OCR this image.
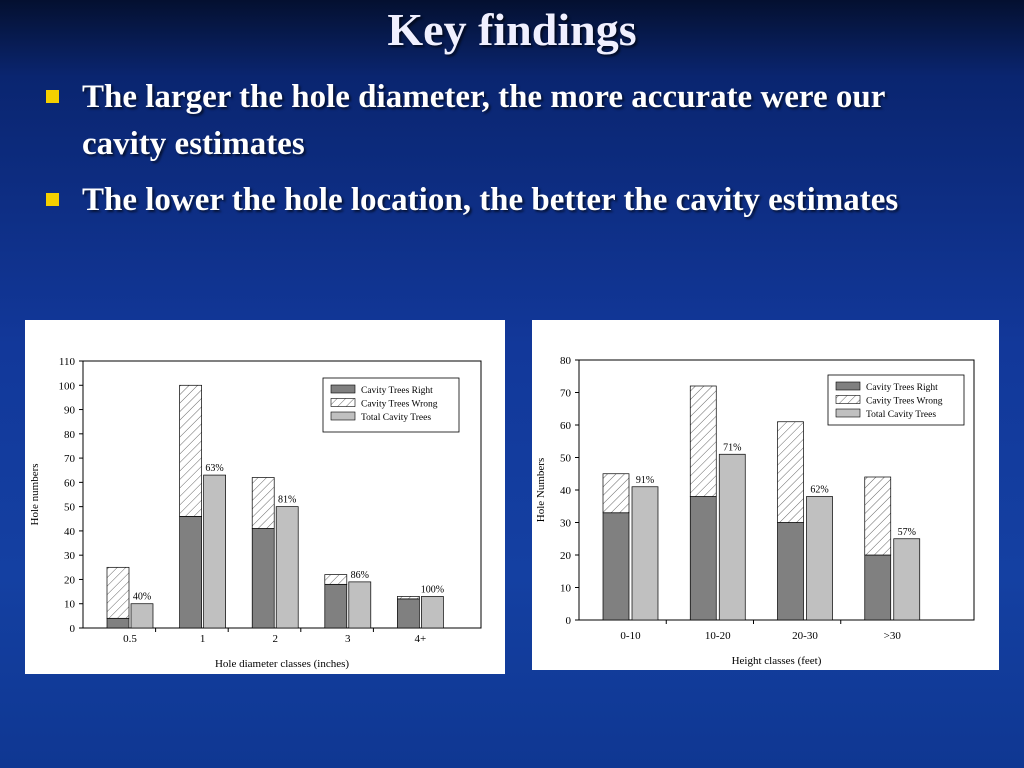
Key findings
The larger the hole diameter, the more accurate were our cavity estimates
The lower the hole location, the better the cavity estimates
0
10
20
30
40
50
60
70
80
90
100
110
Hole numbers
Hole diameter classes (inches)
40%
0.5
63%
1
81%
2
86%
3
100%
4+
Cavity Trees Right
Cavity Trees Wrong
Total Cavity Trees
0
10
20
30
40
50
60
70
80
Hole Numbers
Height classes (feet)
91%
0-10
71%
10-20
62%
20-30
57%
>30
Cavity Trees Right
Cavity Trees Wrong
Total Cavity Trees
